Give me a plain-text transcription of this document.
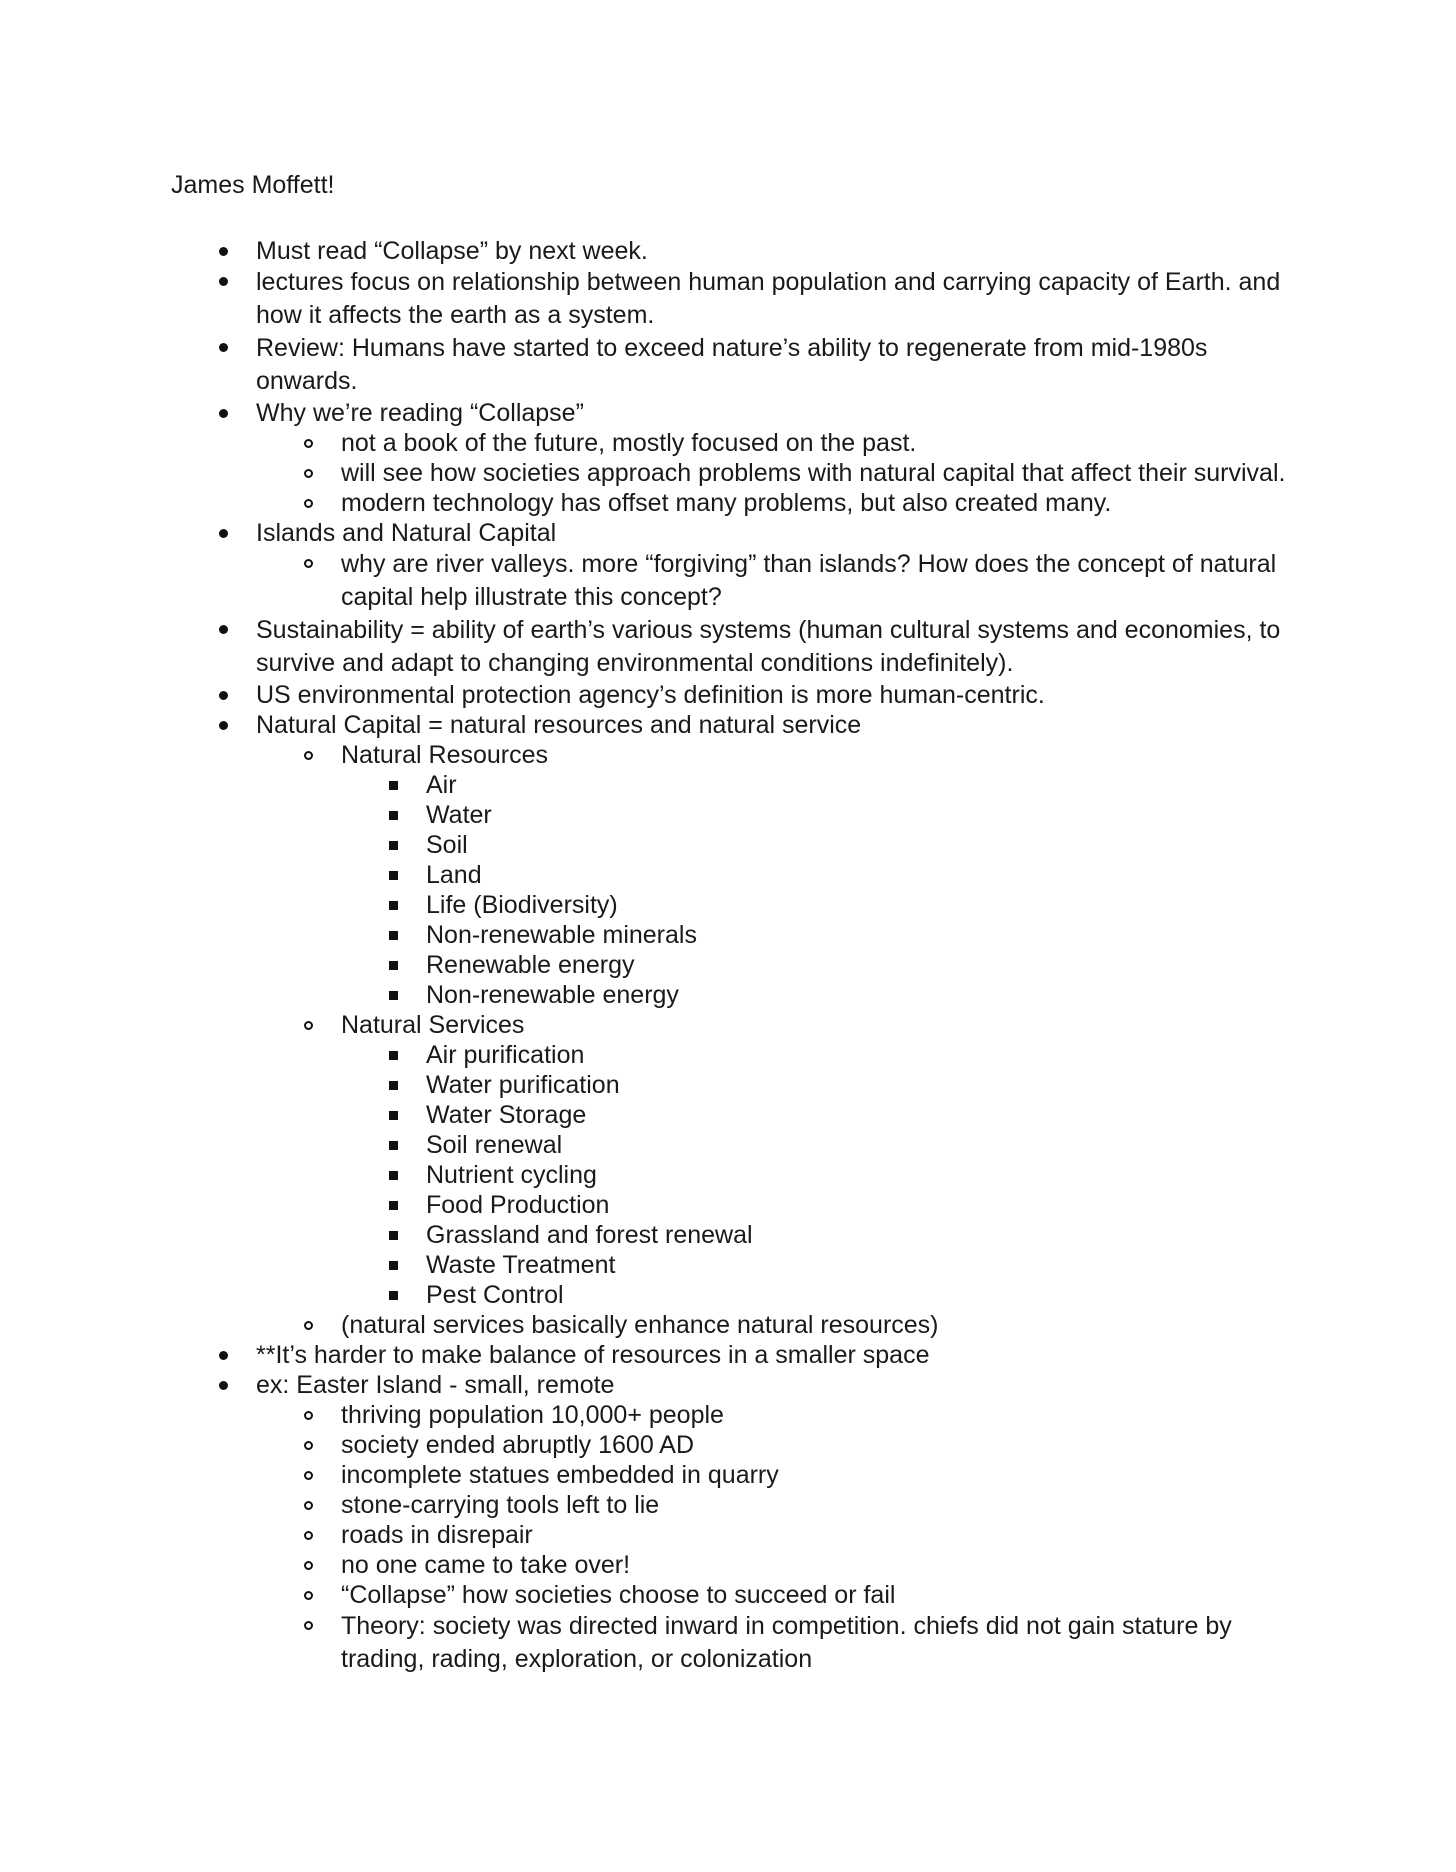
James Moffett!
Must read “Collapse” by next week.
lectures focus on relationship between human population and carrying capacity of Earth. and how it affects the earth as a system.
Review: Humans have started to exceed nature’s ability to regenerate from mid-1980s onwards.
Why we’re reading “Collapse”
not a book of the future, mostly focused on the past.
will see how societies approach problems with natural capital that affect their survival.
modern technology has offset many problems, but also created many.
Islands and Natural Capital
why are river valleys. more “forgiving” than islands? How does the concept of natural capital help illustrate this concept?
Sustainability = ability of earth’s various systems (human cultural systems and economies, to survive and adapt to changing environmental conditions indefinitely).
US environmental protection agency’s definition is more human-centric.
Natural Capital = natural resources and natural service
Natural Resources
Air
Water
Soil
Land
Life (Biodiversity)
Non-renewable minerals
Renewable energy
Non-renewable energy
Natural Services
Air purification
Water purification
Water Storage
Soil renewal
Nutrient cycling
Food Production
Grassland and forest renewal
Waste Treatment
Pest Control
(natural services basically enhance natural resources)
**It’s harder to make balance of resources in a smaller space
ex: Easter Island - small, remote
thriving population 10,000+ people
society ended abruptly 1600 AD
incomplete statues embedded in quarry
stone-carrying tools left to lie
roads in disrepair
no one came to take over!
“Collapse” how societies choose to succeed or fail
Theory: society was directed inward in competition. chiefs did not gain stature by trading, rading, exploration, or colonization
